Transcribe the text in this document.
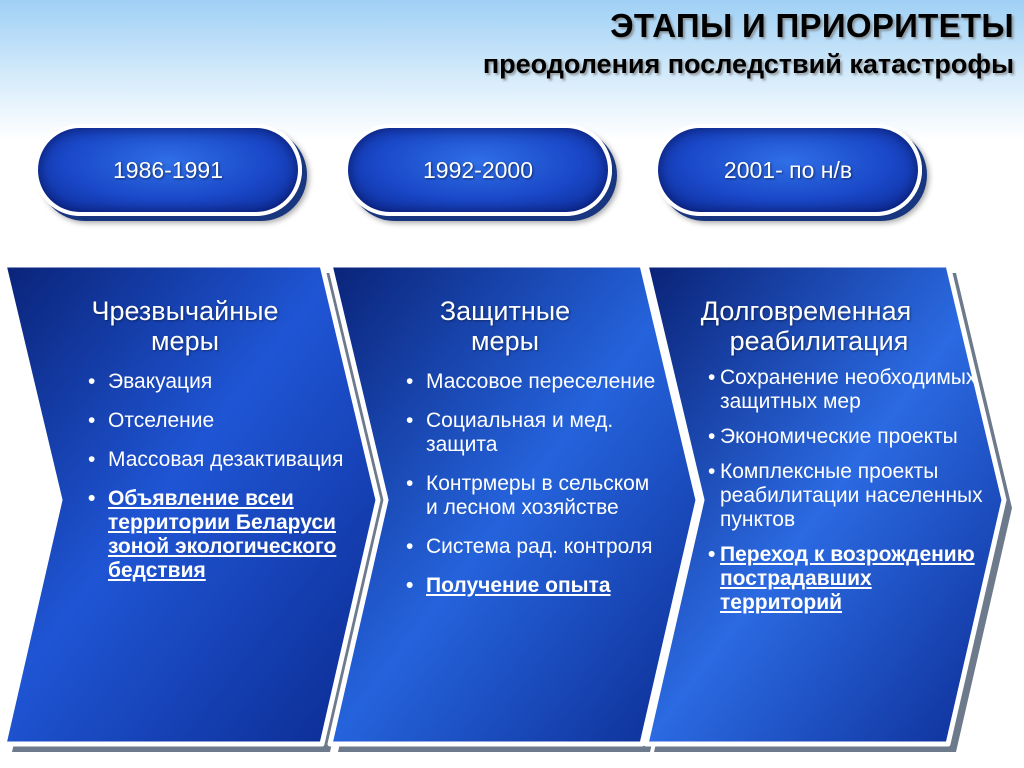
ЭТАПЫ И ПРИОРИТЕТЫ
преодоления последствий катастрофы
1986-1991	1992-2000	2001- по н/в
Чрезвычайные
меры
• Эвакуация
• Отселение
• Массовая дезактивация
• Объявление всеи территории Беларуси зоной экологического бедствия
Защитные
меры
• Массовое переселение
• Социальная и мед. защита
• Контрмеры в сельском и лесном хозяйстве
• Система рад. контроля
• Получение опыта
Долговременная
реабилитация
• Сохранение необходимых защитных мер
• Экономические проекты
• Комплексные проекты реабилитации населенных пунктов
• Переход к возрождению пострадавших территорий
